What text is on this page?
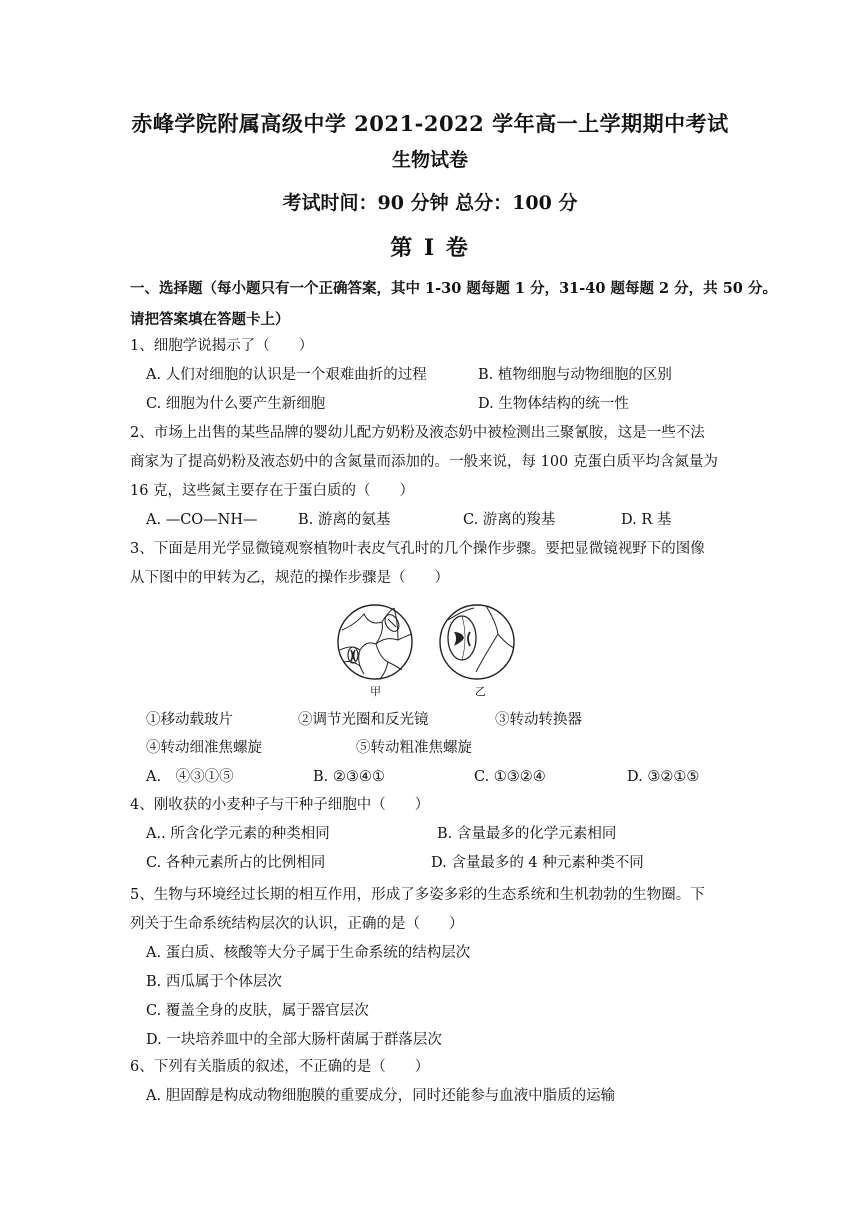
赤峰学院附属高级中学 2021-2022 学年高一上学期期中考试
生物试卷
考试时间：90 分钟 总分：100 分
第 I 卷
一、选择题（每小题只有一个正确答案，其中 1-30 题每题 1 分，31-40 题每题 2 分，共 50 分。
请把答案填在答题卡上）
1、细胞学说揭示了（　　）
A. 人们对细胞的认识是一个艰难曲折的过程	B. 植物细胞与动物细胞的区别
C. 细胞为什么要产生新细胞	D. 生物体结构的统一性
2、市场上出售的某些品牌的婴幼儿配方奶粉及液态奶中被检测出三聚氰胺，这是一些不法
商家为了提高奶粉及液态奶中的含氮量而添加的。一般来说，每 100 克蛋白质平均含氮量为
16 克，这些氮主要存在于蛋白质的（　　）
A. —CO—NH—	B. 游离的氨基	C. 游离的羧基	D. R 基
3、下面是用光学显微镜观察植物叶表皮气孔时的几个操作步骤。要把显微镜视野下的图像
从下图中的甲转为乙，规范的操作步骤是（　　）
甲	乙
①移动载玻片	②调节光圈和反光镜	③转动转换器
④转动细准焦螺旋	⑤转动粗准焦螺旋
A.　④③①⑤	B. ②③④①	C. ①③②④	D. ③②①⑤
4、刚收获的小麦种子与干种子细胞中（　　）
A.. 所含化学元素的种类相同	B. 含量最多的化学元素相同
C. 各种元素所占的比例相同	D. 含量最多的 4 种元素种类不同
5、生物与环境经过长期的相互作用，形成了多姿多彩的生态系统和生机勃勃的生物圈。下
列关于生命系统结构层次的认识，正确的是（　　）
A. 蛋白质、核酸等大分子属于生命系统的结构层次
B. 西瓜属于个体层次
C. 覆盖全身的皮肤，属于器官层次
D. 一块培养皿中的全部大肠杆菌属于群落层次
6、下列有关脂质的叙述，不正确的是（　　）
A. 胆固醇是构成动物细胞膜的重要成分，同时还能参与血液中脂质的运输
